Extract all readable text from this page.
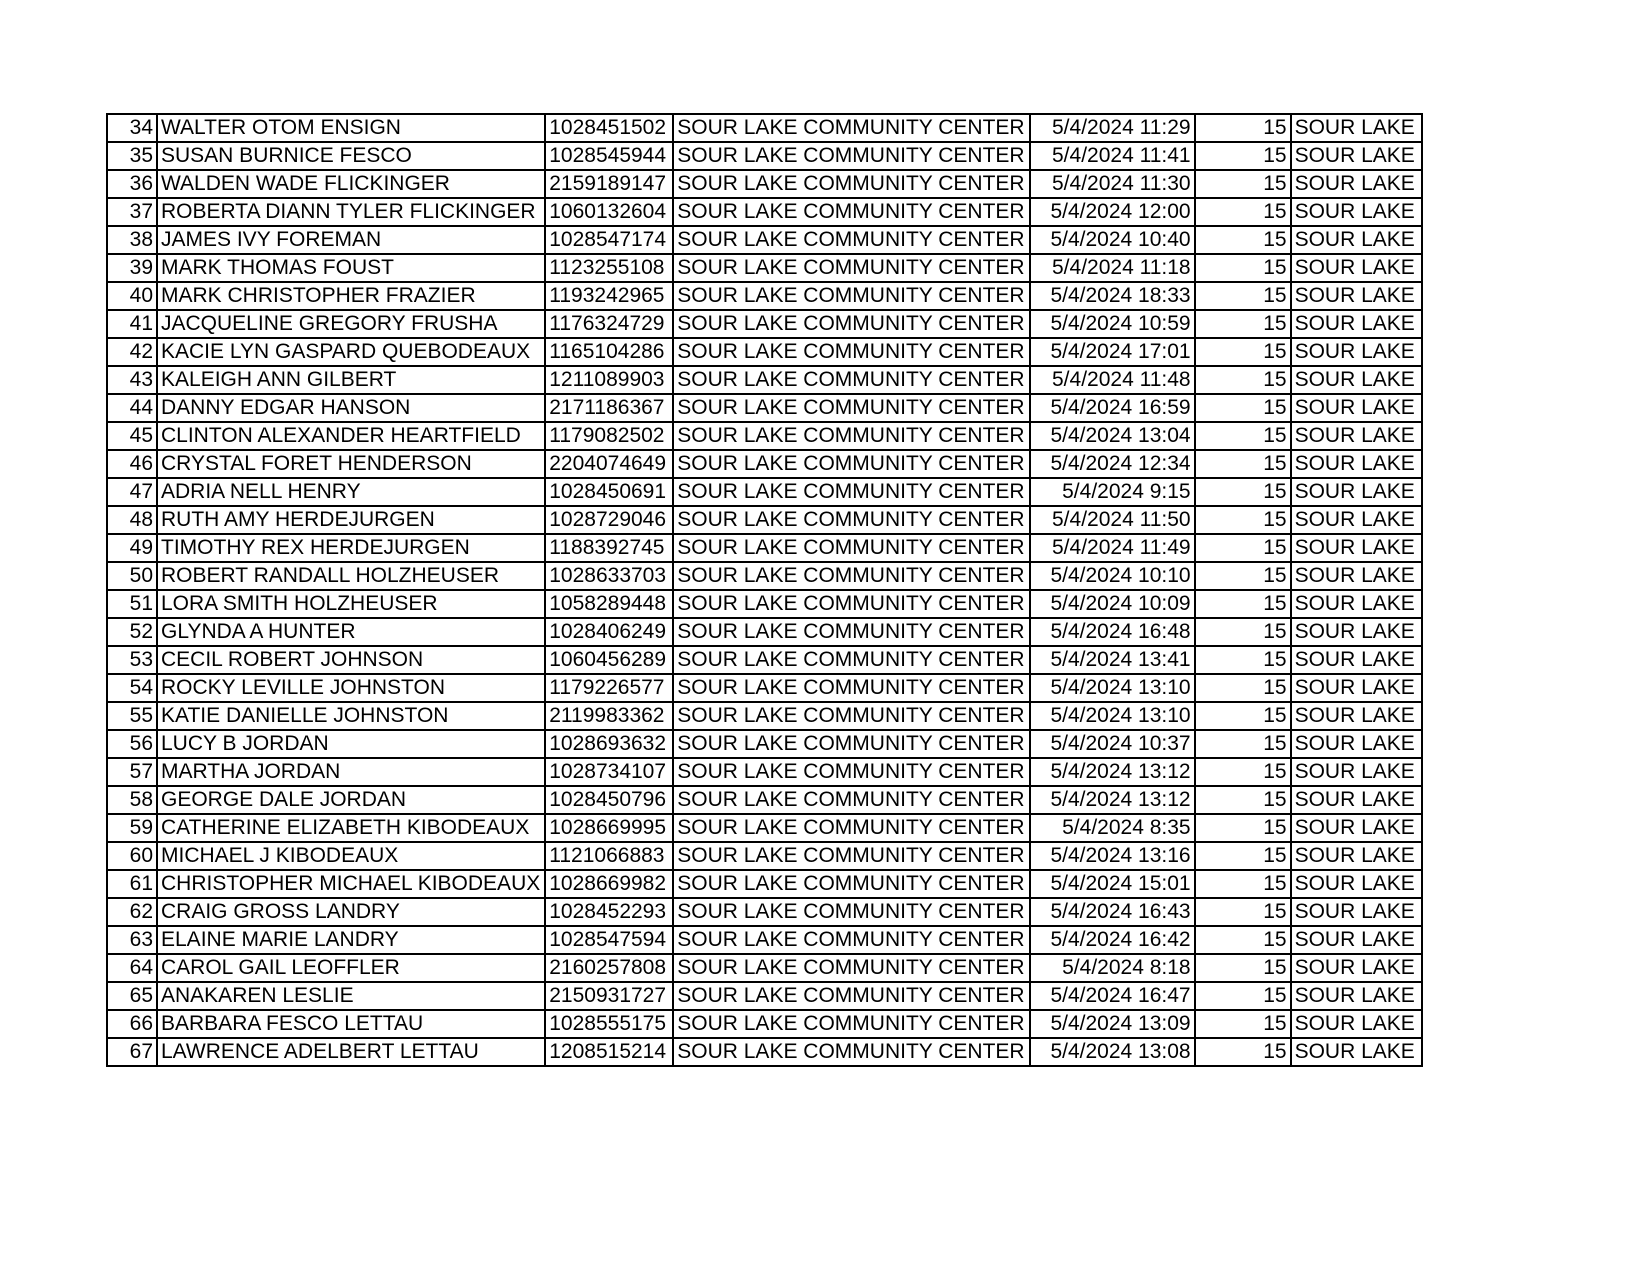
34	WALTER OTOM ENSIGN	1028451502	SOUR LAKE COMMUNITY CENTER	5/4/2024 11:29	15	SOUR LAKE
35	SUSAN BURNICE FESCO	1028545944	SOUR LAKE COMMUNITY CENTER	5/4/2024 11:41	15	SOUR LAKE
36	WALDEN WADE FLICKINGER	2159189147	SOUR LAKE COMMUNITY CENTER	5/4/2024 11:30	15	SOUR LAKE
37	ROBERTA DIANN TYLER FLICKINGER	1060132604	SOUR LAKE COMMUNITY CENTER	5/4/2024 12:00	15	SOUR LAKE
38	JAMES IVY FOREMAN	1028547174	SOUR LAKE COMMUNITY CENTER	5/4/2024 10:40	15	SOUR LAKE
39	MARK THOMAS FOUST	1123255108	SOUR LAKE COMMUNITY CENTER	5/4/2024 11:18	15	SOUR LAKE
40	MARK CHRISTOPHER FRAZIER	1193242965	SOUR LAKE COMMUNITY CENTER	5/4/2024 18:33	15	SOUR LAKE
41	JACQUELINE GREGORY FRUSHA	1176324729	SOUR LAKE COMMUNITY CENTER	5/4/2024 10:59	15	SOUR LAKE
42	KACIE LYN GASPARD QUEBODEAUX	1165104286	SOUR LAKE COMMUNITY CENTER	5/4/2024 17:01	15	SOUR LAKE
43	KALEIGH ANN GILBERT	1211089903	SOUR LAKE COMMUNITY CENTER	5/4/2024 11:48	15	SOUR LAKE
44	DANNY EDGAR HANSON	2171186367	SOUR LAKE COMMUNITY CENTER	5/4/2024 16:59	15	SOUR LAKE
45	CLINTON ALEXANDER HEARTFIELD	1179082502	SOUR LAKE COMMUNITY CENTER	5/4/2024 13:04	15	SOUR LAKE
46	CRYSTAL FORET HENDERSON	2204074649	SOUR LAKE COMMUNITY CENTER	5/4/2024 12:34	15	SOUR LAKE
47	ADRIA NELL HENRY	1028450691	SOUR LAKE COMMUNITY CENTER	5/4/2024 9:15	15	SOUR LAKE
48	RUTH AMY HERDEJURGEN	1028729046	SOUR LAKE COMMUNITY CENTER	5/4/2024 11:50	15	SOUR LAKE
49	TIMOTHY REX HERDEJURGEN	1188392745	SOUR LAKE COMMUNITY CENTER	5/4/2024 11:49	15	SOUR LAKE
50	ROBERT RANDALL HOLZHEUSER	1028633703	SOUR LAKE COMMUNITY CENTER	5/4/2024 10:10	15	SOUR LAKE
51	LORA SMITH HOLZHEUSER	1058289448	SOUR LAKE COMMUNITY CENTER	5/4/2024 10:09	15	SOUR LAKE
52	GLYNDA A HUNTER	1028406249	SOUR LAKE COMMUNITY CENTER	5/4/2024 16:48	15	SOUR LAKE
53	CECIL ROBERT JOHNSON	1060456289	SOUR LAKE COMMUNITY CENTER	5/4/2024 13:41	15	SOUR LAKE
54	ROCKY LEVILLE JOHNSTON	1179226577	SOUR LAKE COMMUNITY CENTER	5/4/2024 13:10	15	SOUR LAKE
55	KATIE DANIELLE JOHNSTON	2119983362	SOUR LAKE COMMUNITY CENTER	5/4/2024 13:10	15	SOUR LAKE
56	LUCY B JORDAN	1028693632	SOUR LAKE COMMUNITY CENTER	5/4/2024 10:37	15	SOUR LAKE
57	MARTHA JORDAN	1028734107	SOUR LAKE COMMUNITY CENTER	5/4/2024 13:12	15	SOUR LAKE
58	GEORGE DALE JORDAN	1028450796	SOUR LAKE COMMUNITY CENTER	5/4/2024 13:12	15	SOUR LAKE
59	CATHERINE ELIZABETH KIBODEAUX	1028669995	SOUR LAKE COMMUNITY CENTER	5/4/2024 8:35	15	SOUR LAKE
60	MICHAEL J KIBODEAUX	1121066883	SOUR LAKE COMMUNITY CENTER	5/4/2024 13:16	15	SOUR LAKE
61	CHRISTOPHER MICHAEL KIBODEAUX	1028669982	SOUR LAKE COMMUNITY CENTER	5/4/2024 15:01	15	SOUR LAKE
62	CRAIG GROSS LANDRY	1028452293	SOUR LAKE COMMUNITY CENTER	5/4/2024 16:43	15	SOUR LAKE
63	ELAINE MARIE LANDRY	1028547594	SOUR LAKE COMMUNITY CENTER	5/4/2024 16:42	15	SOUR LAKE
64	CAROL GAIL LEOFFLER	2160257808	SOUR LAKE COMMUNITY CENTER	5/4/2024 8:18	15	SOUR LAKE
65	ANAKAREN LESLIE	2150931727	SOUR LAKE COMMUNITY CENTER	5/4/2024 16:47	15	SOUR LAKE
66	BARBARA FESCO LETTAU	1028555175	SOUR LAKE COMMUNITY CENTER	5/4/2024 13:09	15	SOUR LAKE
67	LAWRENCE ADELBERT LETTAU	1208515214	SOUR LAKE COMMUNITY CENTER	5/4/2024 13:08	15	SOUR LAKE
